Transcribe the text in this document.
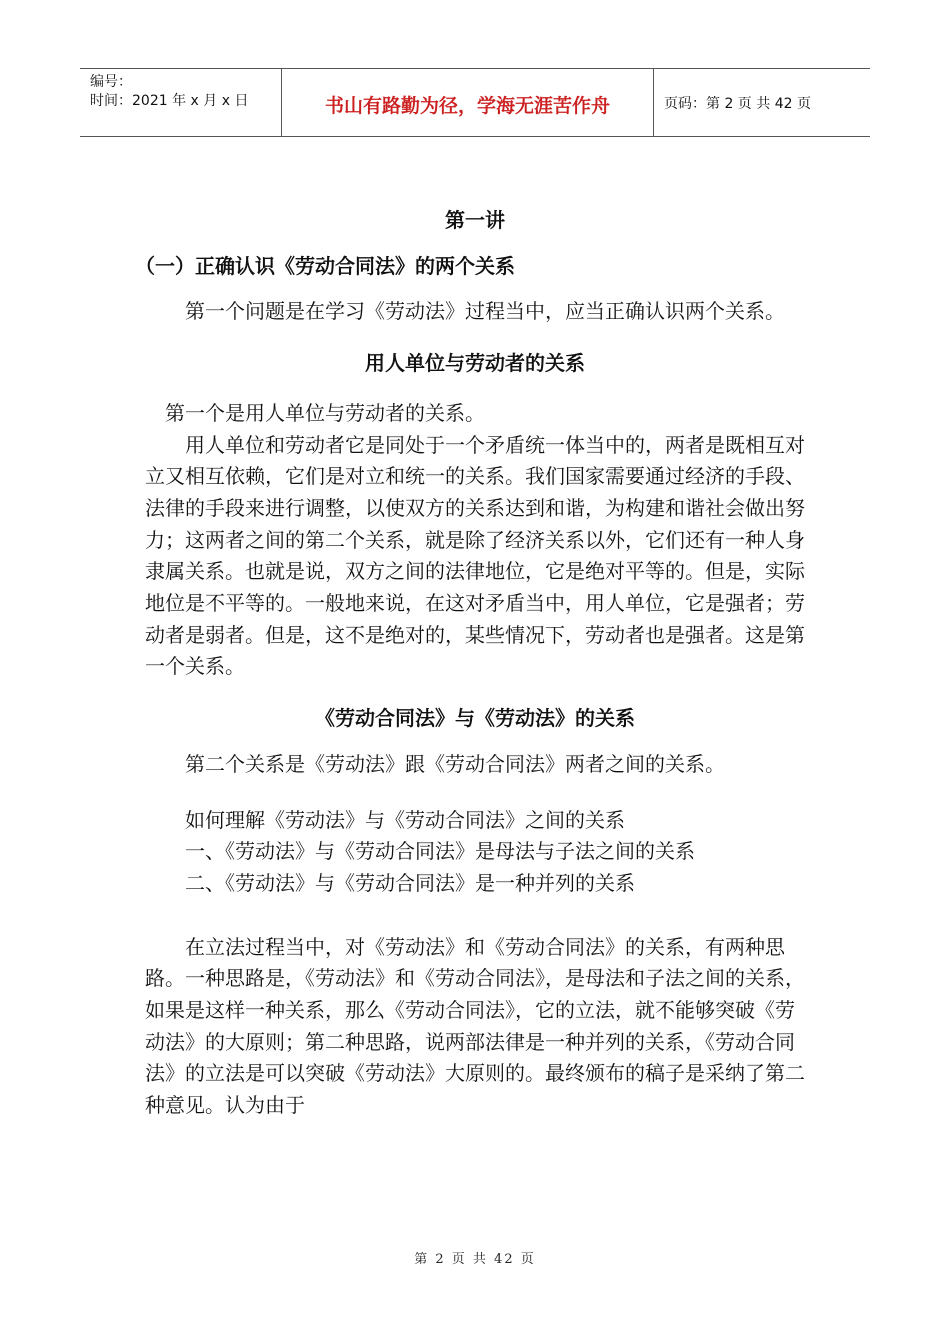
编号：
时间：2021 年 x 月 x 日	书山有路勤为径，学海无涯苦作舟	页码：第 2 页 共 42 页

第一讲

（一）正确认识《劳动合同法》的两个关系

第一个问题是在学习《劳动法》过程当中，应当正确认识两个关系。

用人单位与劳动者的关系

第一个是用人单位与劳动者的关系。

用人单位和劳动者它是同处于一个矛盾统一体当中的，两者是既相互对立又相互依赖，它们是对立和统一的关系。我们国家需要通过经济的手段、法律的手段来进行调整，以使双方的关系达到和谐，为构建和谐社会做出努力；这两者之间的第二个关系，就是除了经济关系以外，它们还有一种人身隶属关系。也就是说，双方之间的法律地位，它是绝对平等的。但是，实际地位是不平等的。一般地来说，在这对矛盾当中，用人单位，它是强者；劳动者是弱者。但是，这不是绝对的，某些情况下，劳动者也是强者。这是第一个关系。

《劳动合同法》与《劳动法》的关系

第二个关系是《劳动法》跟《劳动合同法》两者之间的关系。

如何理解《劳动法》与《劳动合同法》之间的关系

一、《劳动法》与《劳动合同法》是母法与子法之间的关系

二、《劳动法》与《劳动合同法》是一种并列的关系

在立法过程当中，对《劳动法》和《劳动合同法》的关系，有两种思路。一种思路是，《劳动法》和《劳动合同法》，是母法和子法之间的关系，如果是这样一种关系，那么《劳动合同法》，它的立法，就不能够突破《劳动法》的大原则；第二种思路，说两部法律是一种并列的关系，《劳动合同法》的立法是可以突破《劳动法》大原则的。最终颁布的稿子是采纳了第二种意见。认为由于

第 2 页 共 42 页
